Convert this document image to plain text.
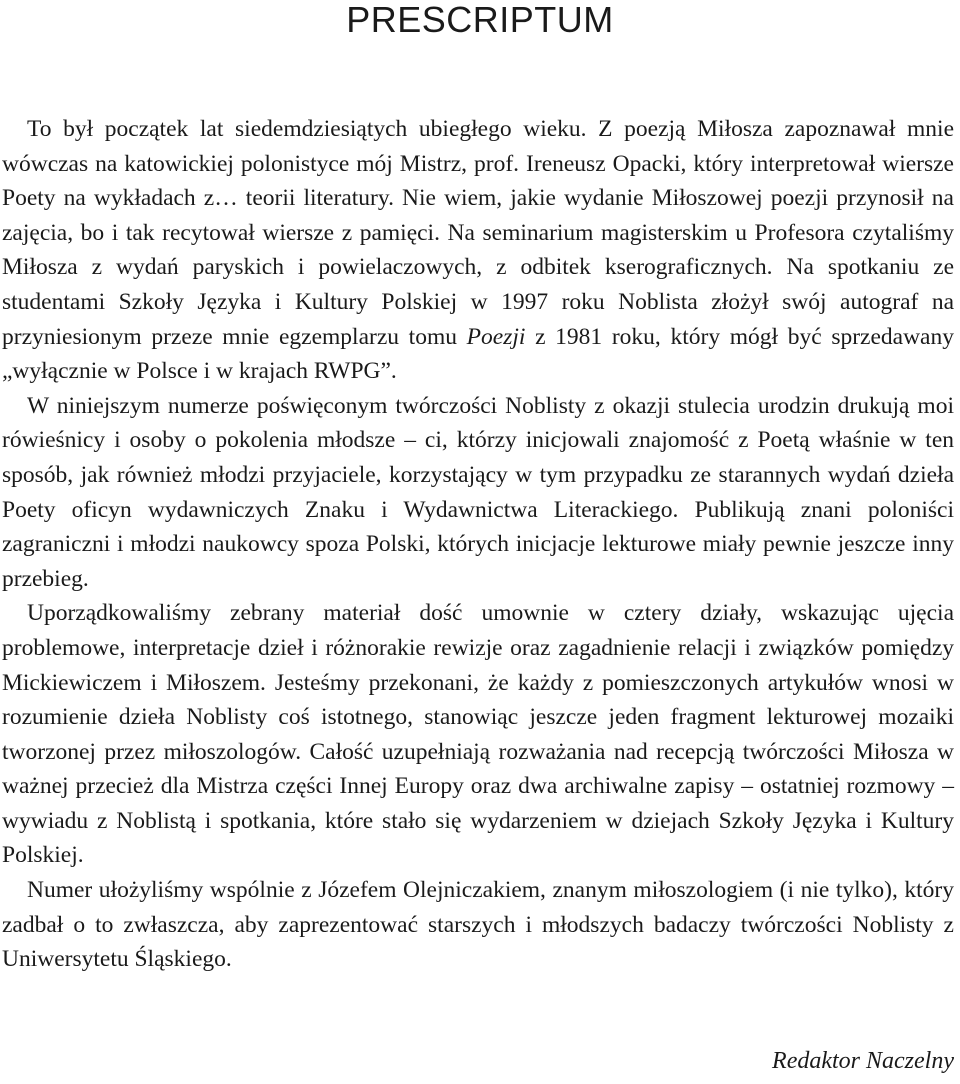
PRESCRIPTUM

To był początek lat siedemdziesiątych ubiegłego wieku. Z poezją Miłosza zapoznawał mnie wówczas na katowickiej polonistyce mój Mistrz, prof. Ireneusz Opacki, który interpretował wiersze Poety na wykładach z… teorii literatury. Nie wiem, jakie wydanie Miłoszowej poezji przynosił na zajęcia, bo i tak recytował wiersze z pamięci. Na seminarium magisterskim u Profesora czytaliśmy Miłosza z wydań paryskich i powielaczowych, z odbitek kserograficznych. Na spotkaniu ze studentami Szkoły Języka i Kultury Polskiej w 1997 roku Noblista złożył swój autograf na przyniesionym przeze mnie egzemplarzu tomu Poezji z 1981 roku, który mógł być sprzedawany „wyłącznie w Polsce i w krajach RWPG”.

W niniejszym numerze poświęconym twórczości Noblisty z okazji stulecia urodzin drukują moi rówieśnicy i osoby o pokolenia młodsze – ci, którzy inicjowali znajomość z Poetą właśnie w ten sposób, jak również młodzi przyjaciele, korzystający w tym przypadku ze starannych wydań dzieła Poety oficyn wydawniczych Znaku i Wydawnictwa Literackiego. Publikują znani poloniści zagraniczni i młodzi naukowcy spoza Polski, których inicjacje lekturowe miały pewnie jeszcze inny przebieg.

Uporządkowaliśmy zebrany materiał dość umownie w cztery działy, wskazując ujęcia problemowe, interpretacje dzieł i różnorakie rewizje oraz zagadnienie relacji i związków pomiędzy Mickiewiczem i Miłoszem. Jesteśmy przekonani, że każdy z pomieszczonych artykułów wnosi w rozumienie dzieła Noblisty coś istotnego, stanowiąc jeszcze jeden fragment lekturowej mozaiki tworzonej przez miłoszologów. Całość uzupełniają rozważania nad recepcją twórczości Miłosza w ważnej przecież dla Mistrza części Innej Europy oraz dwa archiwalne zapisy – ostatniej rozmowy – wywiadu z Noblistą i spotkania, które stało się wydarzeniem w dziejach Szkoły Języka i Kultury Polskiej.

Numer ułożyliśmy wspólnie z Józefem Olejniczakiem, znanym miłoszologiem (i nie tylko), który zadbał o to zwłaszcza, aby zaprezentować starszych i młodszych badaczy twórczości Noblisty z Uniwersytetu Śląskiego.

Redaktor Naczelny
